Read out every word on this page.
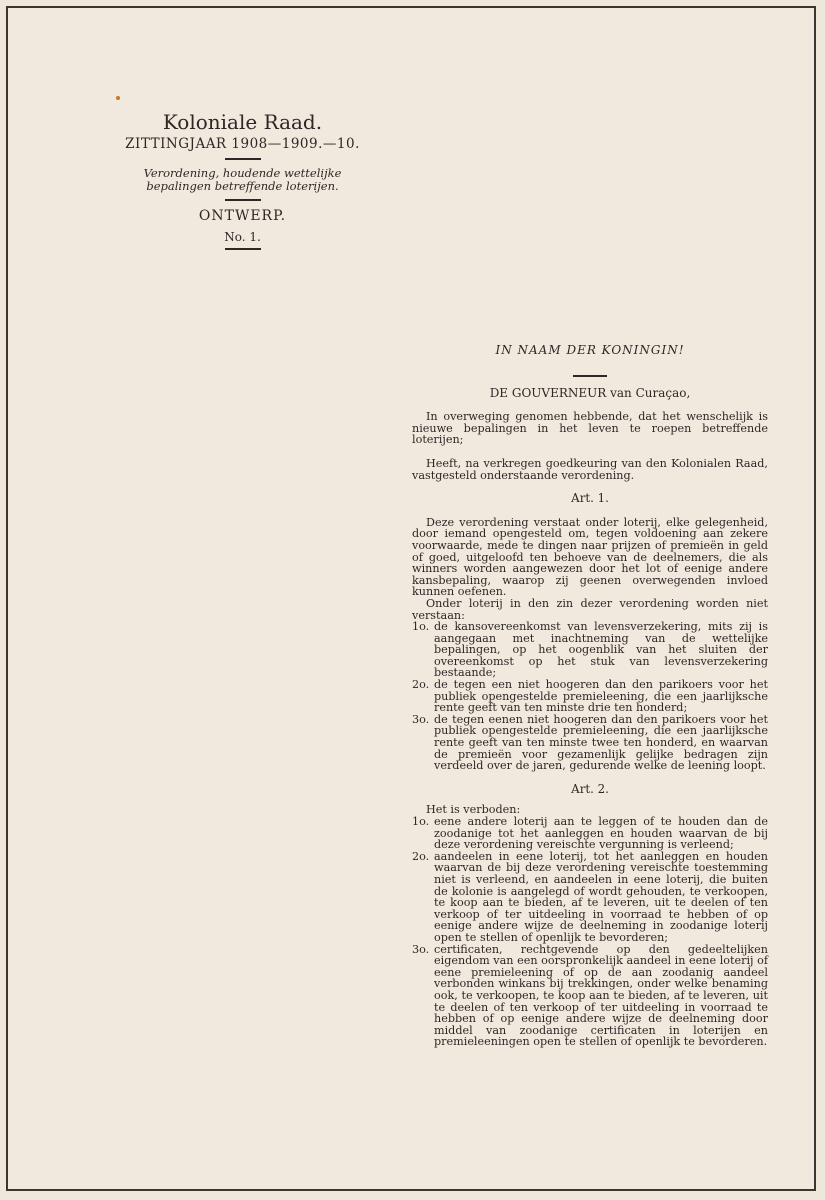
Koloniale Raad.
ZITTINGJAAR 1908—1909.—10.
Verordening, houdende wettelijke bepalingen betreffende loterijen.
ONTWERP.
No. 1.
IN NAAM DER KONINGIN!
DE GOUVERNEUR van Curaçao,

In overweging genomen hebbende, dat het wenschelijk is nieuwe bepalingen in het leven te roepen betreffende loterijen;

Heeft, na verkregen goedkeuring van den Kolonialen Raad, vastgesteld onderstaande verordening.

Art. 1.

Deze verordening verstaat onder loterij, elke gelegenheid, door iemand opengesteld om, tegen voldoening aan zekere voorwaarde, mede te dingen naar prijzen of premieën in geld of goed, uitgeloofd ten behoeve van de deelnemers, die als winners worden aangewezen door het lot of eenige andere kansbepaling, waarop zij geenen overwegenden invloed kunnen oefenen.

Onder loterij in den zin dezer verordening worden niet verstaan:

1o. de kansovereenkomst van levensverzekering, mits zij is aangegaan met inachtneming van de wettelijke bepalingen, op het oogenblik van het sluiten der overeenkomst op het stuk van levensverzekering bestaande;
2o. de tegen een niet hoogeren dan den parikoers voor het publiek opengestelde premieleening, die een jaarlijksche rente geeft van ten minste drie ten honderd;
3o. de tegen eenen niet hoogeren dan den parikoers voor het publiek opengestelde premieleening, die een jaarlijksche rente geeft van ten minste twee ten honderd, en waarvan de premieën voor gezamenlijk gelijke bedragen zijn verdeeld over de jaren, gedurende welke de leening loopt.

Art. 2.

Het is verboden:

1o. eene andere loterij aan te leggen of te houden dan de zoodanige tot het aanleggen en houden waarvan de bij deze verordening vereischte vergunning is verleend;
2o. aandeelen in eene loterij, tot het aanleggen en houden waarvan de bij deze verordening vereischte toestemming niet is verleend, en aandeelen in eene loterij, die buiten de kolonie is aangelegd of wordt gehouden, te verkoopen, te koop aan te bieden, af te leveren, uit te deelen of ten verkoop of ter uitdeeling in voorraad te hebben of op eenige andere wijze de deelneming in zoodanige loterij open te stellen of openlijk te bevorderen;
3o. certificaten, rechtgevende op den gedeeltelijken eigendom van een oorspronkelijk aandeel in eene loterij of eene premieleening of op de aan zoodanig aandeel verbonden winkans bij trekkingen, onder welke benaming ook, te verkoopen, te koop aan te bieden, af te leveren, uit te deelen of ten verkoop of ter uitdeeling in voorraad te hebben of op eenige andere wijze de deelneming door middel van zoodanige certificaten in loterijen en premieleeningen open te stellen of openlijk te bevorderen.
